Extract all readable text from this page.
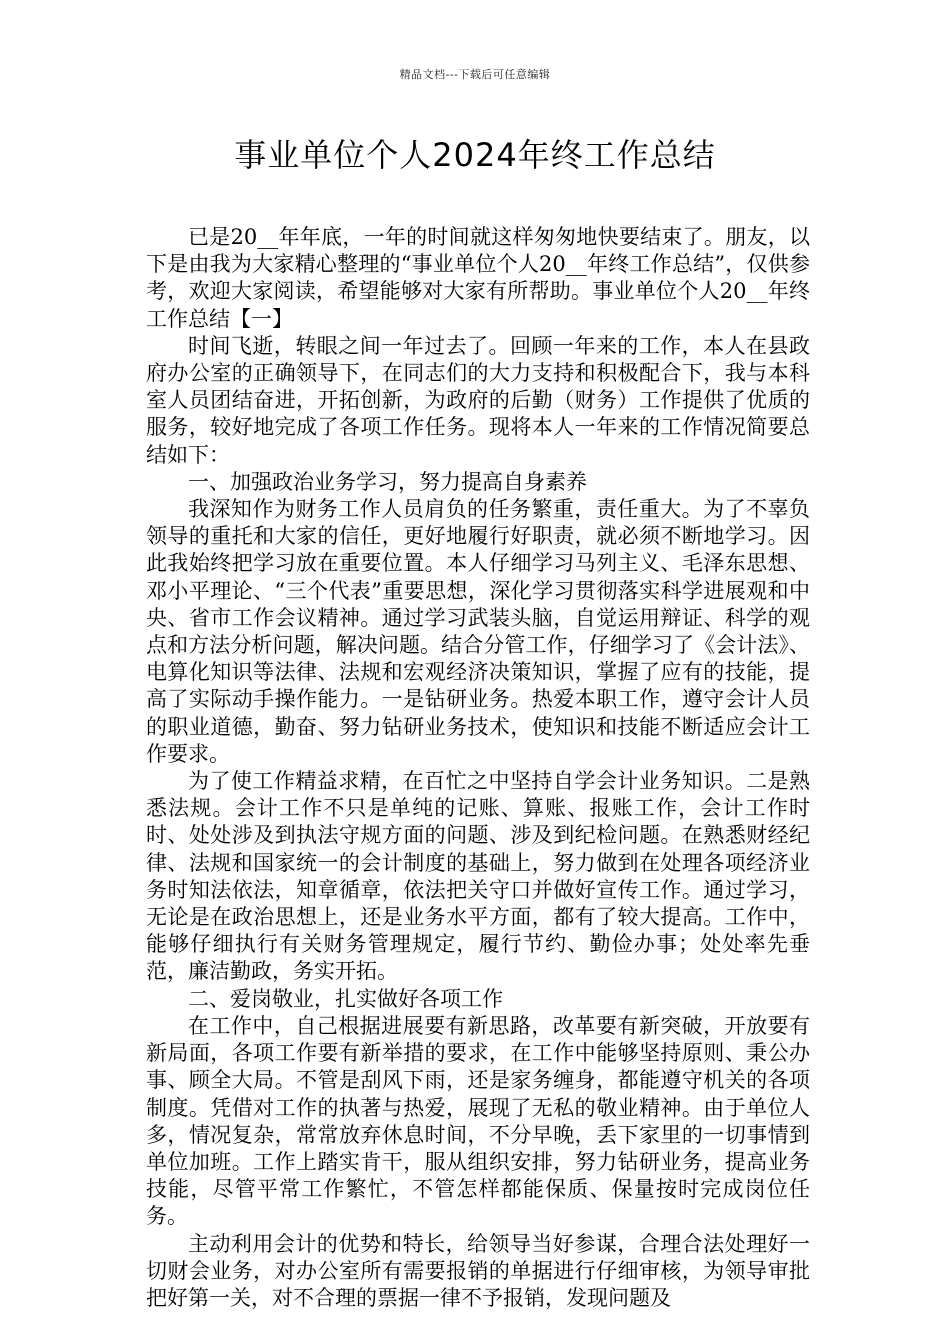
精品文档---下载后可任意编辑
事业单位个人2024年终工作总结

已是20__年年底，一年的时间就这样匆匆地快要结束了。朋友，以下是由我为大家精心整理的“事业单位个人20__年终工作总结”，仅供参考，欢迎大家阅读，希望能够对大家有所帮助。事业单位个人20__年终工作总结【一】

时间飞逝，转眼之间一年过去了。回顾一年来的工作，本人在县政府办公室的正确领导下，在同志们的大力支持和积极配合下，我与本科室人员团结奋进，开拓创新，为政府的后勤（财务）工作提供了优质的服务，较好地完成了各项工作任务。现将本人一年来的工作情况简要总结如下：

一、加强政治业务学习，努力提高自身素养

我深知作为财务工作人员肩负的任务繁重，责任重大。为了不辜负领导的重托和大家的信任，更好地履行好职责，就必须不断地学习。因此我始终把学习放在重要位置。本人仔细学习马列主义、毛泽东思想、邓小平理论、“三个代表”重要思想，深化学习贯彻落实科学进展观和中央、省市工作会议精神。通过学习武装头脑，自觉运用辩证、科学的观点和方法分析问题，解决问题。结合分管工作，仔细学习了《会计法》、电算化知识等法律、法规和宏观经济决策知识，掌握了应有的技能，提高了实际动手操作能力。一是钻研业务。热爱本职工作，遵守会计人员的职业道德，勤奋、努力钻研业务技术，使知识和技能不断适应会计工作要求。

为了使工作精益求精，在百忙之中坚持自学会计业务知识。二是熟悉法规。会计工作不只是单纯的记账、算账、报账工作，会计工作时时、处处涉及到执法守规方面的问题、涉及到纪检问题。在熟悉财经纪律、法规和国家统一的会计制度的基础上，努力做到在处理各项经济业务时知法依法，知章循章，依法把关守口并做好宣传工作。通过学习，无论是在政治思想上，还是业务水平方面，都有了较大提高。工作中，能够仔细执行有关财务管理规定，履行节约、勤俭办事；处处率先垂范，廉洁勤政，务实开拓。

二、爱岗敬业，扎实做好各项工作

在工作中，自己根据进展要有新思路，改革要有新突破，开放要有新局面，各项工作要有新举措的要求，在工作中能够坚持原则、秉公办事、顾全大局。不管是刮风下雨，还是家务缠身，都能遵守机关的各项制度。凭借对工作的执著与热爱，展现了无私的敬业精神。由于单位人多，情况复杂，常常放弃休息时间，不分早晚，丢下家里的一切事情到单位加班。工作上踏实肯干，服从组织安排，努力钻研业务，提高业务技能，尽管平常工作繁忙，不管怎样都能保质、保量按时完成岗位任务。

主动利用会计的优势和特长，给领导当好参谋，合理合法处理好一切财会业务，对办公室所有需要报销的单据进行仔细审核，为领导审批把好第一关，对不合理的票据一律不予报销，发现问题及
